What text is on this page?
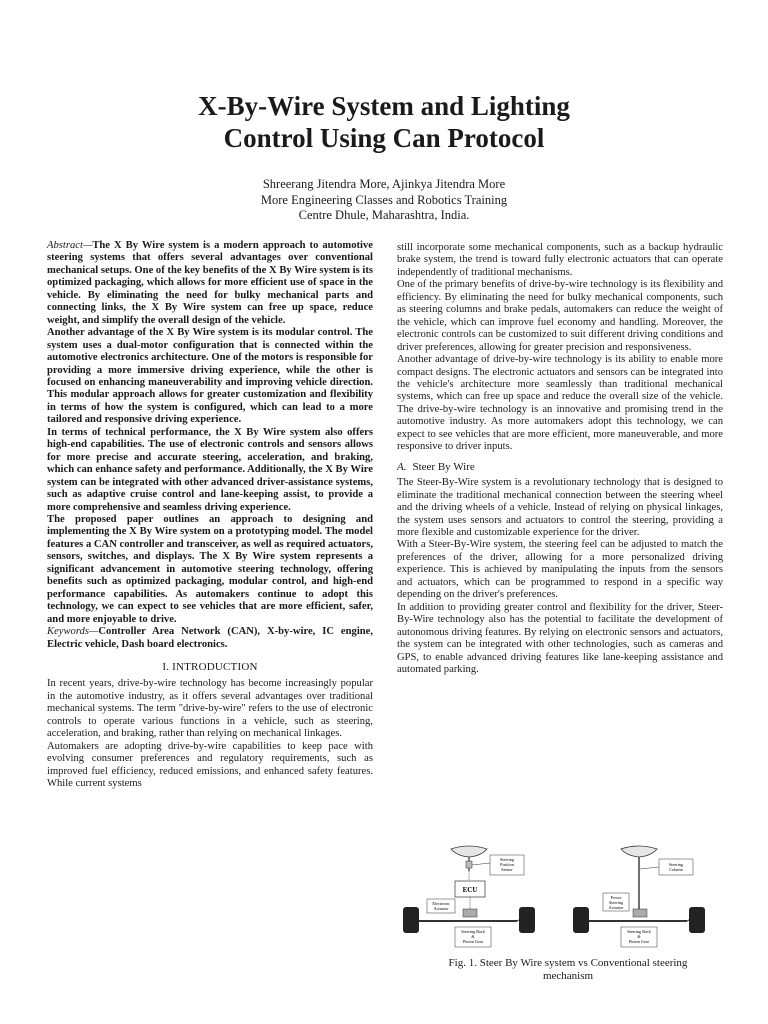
X-By-Wire System and Lighting
Control Using Can Protocol
Shreerang Jitendra More, Ajinkya Jitendra More
More Engineering Classes and Robotics Training
Centre Dhule, Maharashtra, India.

Abstract—The X By Wire system is a modern approach to automotive steering systems that offers several advantages over conventional mechanical setups. One of the key benefits of the X By Wire system is its optimized packaging, which allows for more efficient use of space in the vehicle. By eliminating the need for bulky mechanical parts and connecting links, the X By Wire system can free up space, reduce weight, and simplify the overall design of the vehicle.

Another advantage of the X By Wire system is its modular control. The system uses a dual-motor configuration that is connected within the automotive electronics architecture. One of the motors is responsible for providing a more immersive driving experience, while the other is focused on enhancing maneuverability and improving vehicle direction. This modular approach allows for greater customization and flexibility in terms of how the system is configured, which can lead to a more tailored and responsive driving experience.

In terms of technical performance, the X By Wire system also offers high-end capabilities. The use of electronic controls and sensors allows for more precise and accurate steering, acceleration, and braking, which can enhance safety and performance. Additionally, the X By Wire system can be integrated with other advanced driver-assistance systems, such as adaptive cruise control and lane-keeping assist, to provide a more comprehensive and seamless driving experience.

The proposed paper outlines an approach to designing and implementing the X By Wire system on a prototyping model. The model features a CAN controller and transceiver, as well as required actuators, sensors, switches, and displays. The X By Wire system represents a significant advancement in automotive steering technology, offering benefits such as optimized packaging, modular control, and high-end performance capabilities. As automakers continue to adopt this technology, we can expect to see vehicles that are more efficient, safer, and more enjoyable to drive.

Keywords—Controller Area Network (CAN), X-by-wire, IC engine, Electric vehicle, Dash board electronics.

I. INTRODUCTION

In recent years, drive-by-wire technology has become increasingly popular in the automotive industry, as it offers several advantages over traditional mechanical systems. The term "drive-by-wire" refers to the use of electronic controls to operate various functions in a vehicle, such as steering, acceleration, and braking, rather than relying on mechanical linkages.

Automakers are adopting drive-by-wire capabilities to keep pace with evolving consumer preferences and regulatory requirements, such as improved fuel efficiency, reduced emissions, and enhanced safety features. While current systems

still incorporate some mechanical components, such as a backup hydraulic brake system, the trend is toward fully electronic actuators that can operate independently of traditional mechanisms.

One of the primary benefits of drive-by-wire technology is its flexibility and efficiency. By eliminating the need for bulky mechanical components, such as steering columns and brake pedals, automakers can reduce the weight of the vehicle, which can improve fuel economy and handling. Moreover, the electronic controls can be customized to suit different driving conditions and driver preferences, allowing for greater precision and responsiveness.

Another advantage of drive-by-wire technology is its ability to enable more compact designs. The electronic actuators and sensors can be integrated into the vehicle's architecture more seamlessly than traditional mechanical systems, which can free up space and reduce the overall size of the vehicle. The drive-by-wire technology is an innovative and promising trend in the automotive industry. As more automakers adopt this technology, we can expect to see vehicles that are more efficient, more maneuverable, and more responsive to driver inputs.

A. Steer By Wire

The Steer-By-Wire system is a revolutionary technology that is designed to eliminate the traditional mechanical connection between the steering wheel and the driving wheels of a vehicle. Instead of relying on physical linkages, the system uses sensors and actuators to control the steering, providing a more flexible and customizable experience for the driver.

With a Steer-By-Wire system, the steering feel can be adjusted to match the preferences of the driver, allowing for a more personalized driving experience. This is achieved by manipulating the inputs from the sensors and actuators, which can be programmed to respond in a specific way depending on the driver's preferences.

In addition to providing greater control and flexibility for the driver, Steer-By-Wire technology also has the potential to facilitate the development of autonomous driving features. By relying on electronic sensors and actuators, the system can be integrated with other technologies, such as cameras and GPS, to enable advanced driving features like lane-keeping assistance and automated parking.

Steering
Position
Sensor
ECU
Electronic
Actuator
Steering Rack
&
Pinion Gear
Steering
Column
Power
Steering
Actuator
Steering Rack
&
Pinion Gear
Fig. 1. Steer By Wire system vs Conventional steering
mechanism
